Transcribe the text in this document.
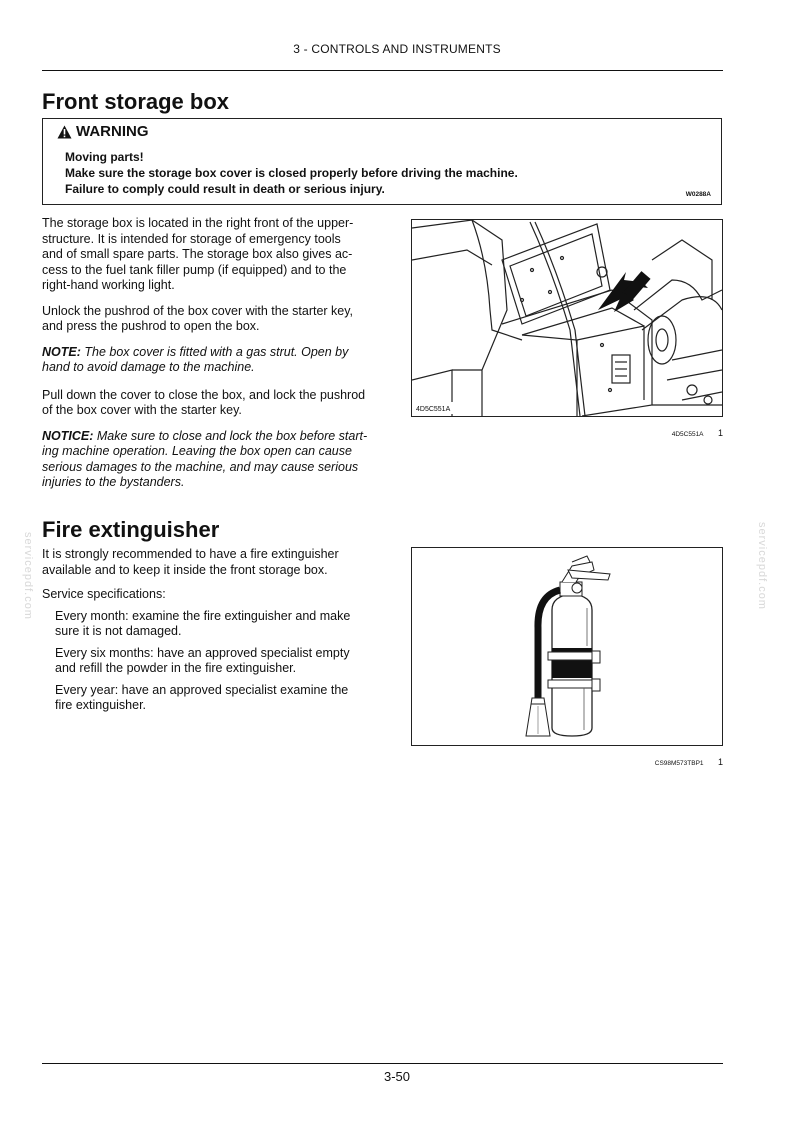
3 - CONTROLS AND INSTRUMENTS
Front storage box
WARNING
Moving parts!
Make sure the storage box cover is closed properly before driving the machine.
Failure to comply could result in death or serious injury.	W0288A

The storage box is located in the right front of the upper-
structure. It is intended for storage of emergency tools
and of small spare parts. The storage box also gives ac-
cess to the fuel tank filler pump (if equipped) and to the
right-hand working light.

Unlock the pushrod of the box cover with the starter key,
and press the pushrod to open the box.

NOTE: The box cover is fitted with a gas strut. Open by
hand to avoid damage to the machine.

Pull down the cover to close the box, and lock the pushrod
of the box cover with the starter key.

NOTICE: Make sure to close and lock the box before start-
ing machine operation. Leaving the box open can cause
serious damages to the machine, and may cause serious
injuries to the bystanders.

4D5C551A
4D5C551A 1
Fire extinguisher

It is strongly recommended to have a fire extinguisher
available and to keep it inside the front storage box.

Service specifications:

Every month: examine the fire extinguisher and make
sure it is not damaged.

Every six months: have an approved specialist empty
and refill the powder in the fire extinguisher.

Every year: have an approved specialist examine the
fire extinguisher.

CS98M573TBP1 1
servicepdf.com	servicepdf.com
3-50
